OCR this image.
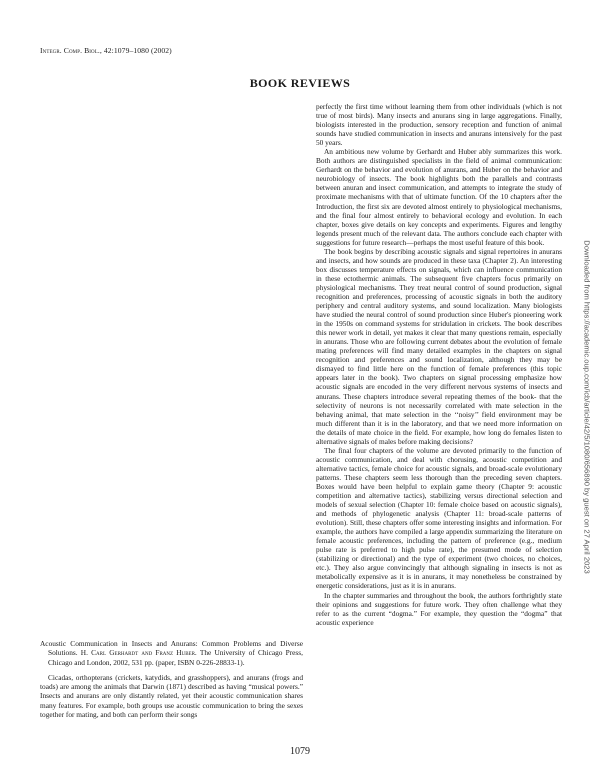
Integr. Comp. Biol., 42:1079–1080 (2002)
BOOK REVIEWS

Acoustic Communication in Insects and Anurans: Common Problems and Diverse Solutions. H. Carl Gerhardt and Franz Huber. The University of Chicago Press, Chicago and London, 2002, 531 pp. (paper, ISBN 0-226-28833-1).

Cicadas, orthopterans (crickets, katydids, and grasshoppers), and anurans (frogs and toads) are among the animals that Darwin (1871) described as having “musical powers.” Insects and anurans are only distantly related, yet their acoustic communication shares many features. For example, both groups use acoustic communication to bring the sexes together for mating, and both can perform their songs

perfectly the first time without learning them from other individuals (which is not true of most birds). Many insects and anurans sing in large aggregations. Finally, biologists interested in the production, sensory reception and function of animal sounds have studied communication in insects and anurans intensively for the past 50 years.

An ambitious new volume by Gerhardt and Huber ably summarizes this work. Both authors are distinguished specialists in the field of animal communication: Gerhardt on the behavior and evolution of anurans, and Huber on the behavior and neurobiology of insects. The book highlights both the parallels and contrasts between anuran and insect communication, and attempts to integrate the study of proximate mechanisms with that of ultimate function. Of the 10 chapters after the Introduction, the first six are devoted almost entirely to physiological mechanisms, and the final four almost entirely to behavioral ecology and evolution. In each chapter, boxes give details on key concepts and experiments. Figures and lengthy legends present much of the relevant data. The authors conclude each chapter with suggestions for future research—perhaps the most useful feature of this book.

The book begins by describing acoustic signals and signal repertoires in anurans and insects, and how sounds are produced in these taxa (Chapter 2). An interesting box discusses temperature effects on signals, which can influence communication in these ectothermic animals. The subsequent five chapters focus primarily on physiological mechanisms. They treat neural control of sound production, signal recognition and preferences, processing of acoustic signals in both the auditory periphery and central auditory systems, and sound localization. Many biologists have studied the neural control of sound production since Huber's pioneering work in the 1950s on command systems for stridulation in crickets. The book describes this newer work in detail, yet makes it clear that many questions remain, especially in anurans. Those who are following current debates about the evolution of female mating preferences will find many detailed examples in the chapters on signal recognition and preferences and sound localization, although they may be dismayed to find little here on the function of female preferences (this topic appears later in the book). Two chapters on signal processing emphasize how acoustic signals are encoded in the very different nervous systems of insects and anurans. These chapters introduce several repeating themes of the book- that the selectivity of neurons is not necessarily correlated with mate selection in the behaving animal, that mate selection in the ‘‘noisy’’ field environment may be much different than it is in the laboratory, and that we need more information on the details of mate choice in the field. For example, how long do females listen to alternative signals of males before making decisions?

The final four chapters of the volume are devoted primarily to the function of acoustic communication, and deal with chorusing, acoustic competition and alternative tactics, female choice for acoustic signals, and broad-scale evolutionary patterns. These chapters seem less thorough than the preceding seven chapters. Boxes would have been helpful to explain game theory (Chapter 9: acoustic competition and alternative tactics), stabilizing versus directional selection and models of sexual selection (Chapter 10: female choice based on acoustic signals), and methods of phylogenetic analysis (Chapter 11: broad-scale patterns of evolution). Still, these chapters offer some interesting insights and information. For example, the authors have compiled a large appendix summarizing the literature on female acoustic preferences, including the pattern of preference (e.g., medium pulse rate is preferred to high pulse rate), the presumed mode of selection (stabilizing or directional) and the type of experiment (two choices, no choices, etc.). They also argue convincingly that although signaling in insects is not as metabolically expensive as it is in anurans, it may nonetheless be constrained by energetic considerations, just as it is in anurans.

In the chapter summaries and throughout the book, the authors forthrightly state their opinions and suggestions for future work. They often challenge what they refer to as the current “dogma.” For example, they question the “dogma” that acoustic experience

1079
Downloaded from https://academic.oup.com/icb/article/42/5/1080/656890 by guest on 27 April 2023
